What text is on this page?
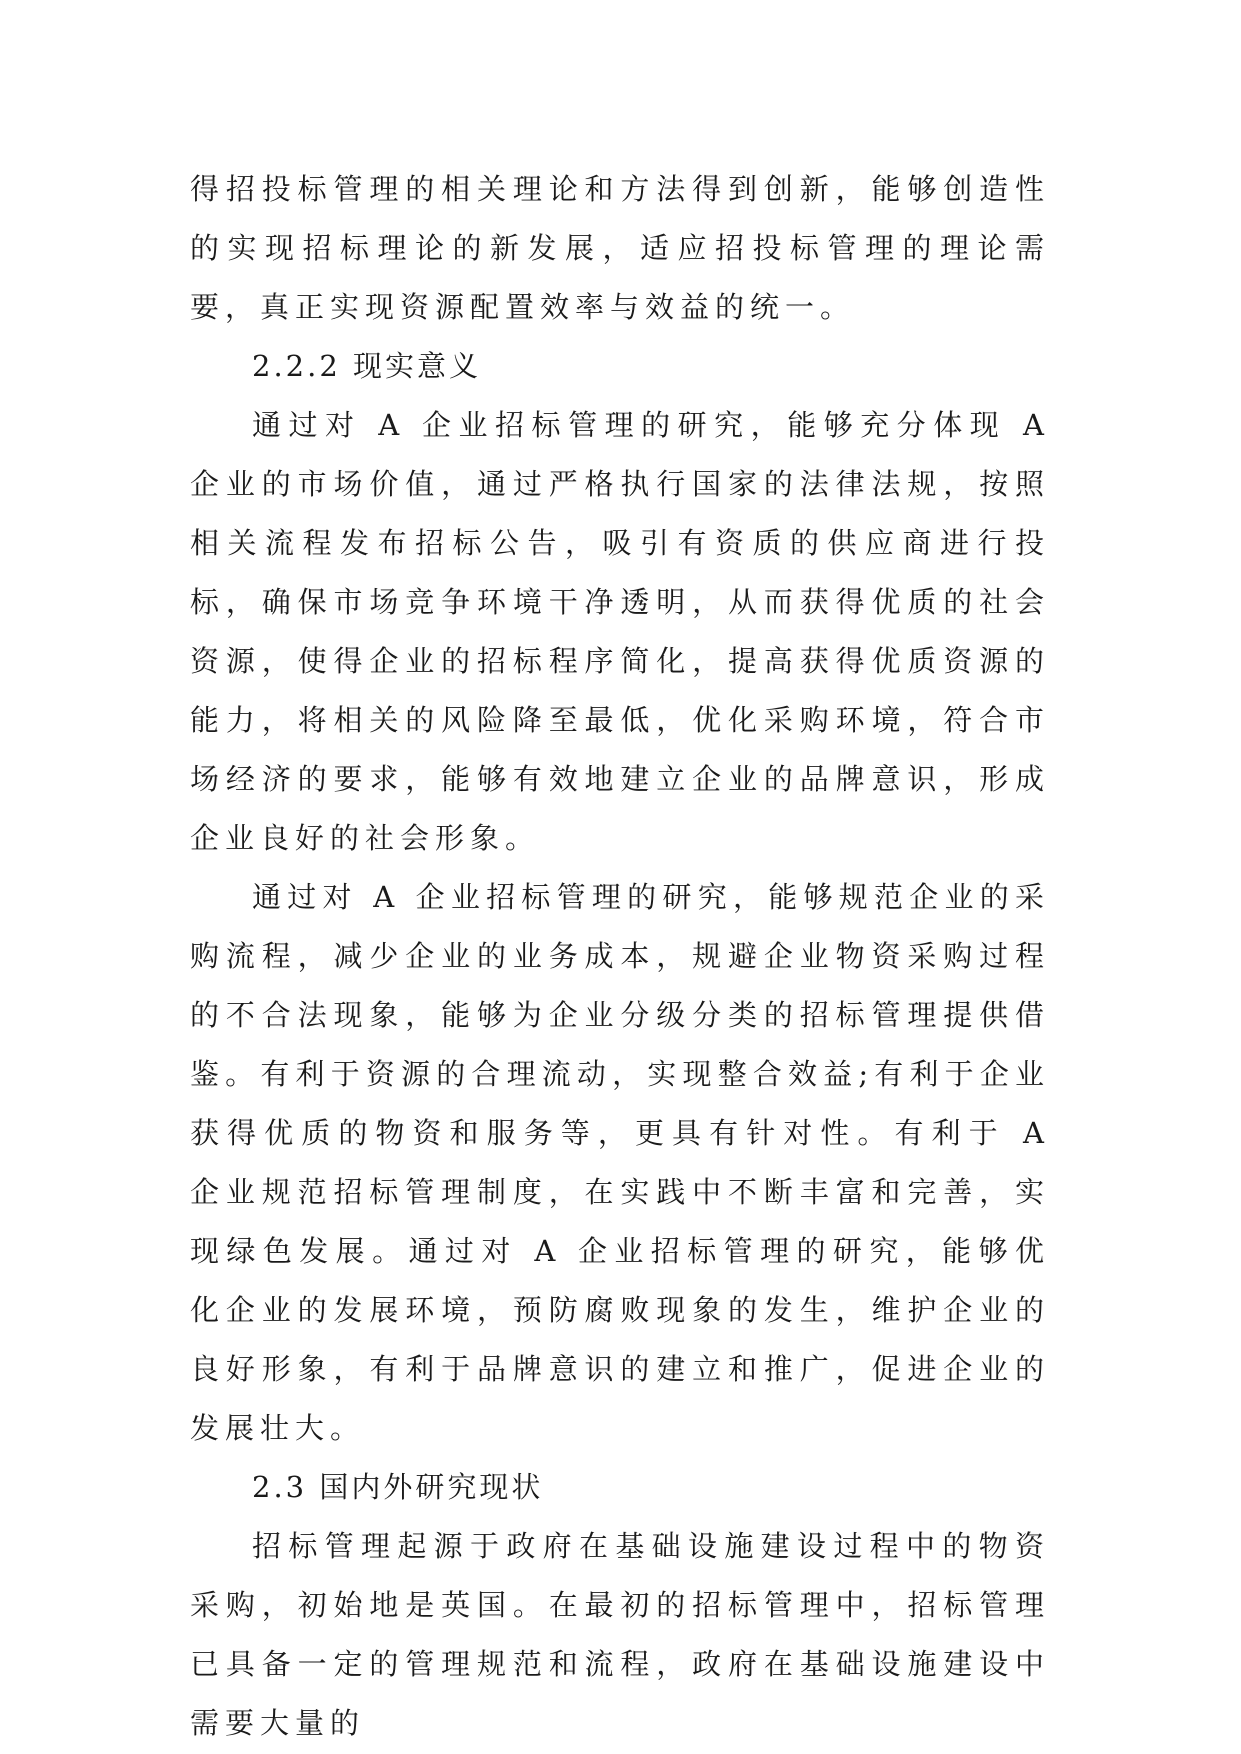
得招投标管理的相关理论和方法得到创新，能够创造性的实现招标理论的新发展，适应招投标管理的理论需要，真正实现资源配置效率与效益的统一。

2.2.2 现实意义

通过对 A 企业招标管理的研究，能够充分体现 A 企业的市场价值，通过严格执行国家的法律法规，按照相关流程发布招标公告，吸引有资质的供应商进行投标，确保市场竞争环境干净透明，从而获得优质的社会资源，使得企业的招标程序简化，提高获得优质资源的能力，将相关的风险降至最低，优化采购环境，符合市场经济的要求，能够有效地建立企业的品牌意识，形成企业良好的社会形象。

通过对 A 企业招标管理的研究，能够规范企业的采购流程，减少企业的业务成本，规避企业物资采购过程的不合法现象，能够为企业分级分类的招标管理提供借鉴。有利于资源的合理流动，实现整合效益;有利于企业获得优质的物资和服务等，更具有针对性。有利于 A 企业规范招标管理制度，在实践中不断丰富和完善，实现绿色发展。通过对 A 企业招标管理的研究，能够优化企业的发展环境，预防腐败现象的发生，维护企业的良好形象，有利于品牌意识的建立和推广，促进企业的发展壮大。

2.3 国内外研究现状

招标管理起源于政府在基础设施建设过程中的物资采购，初始地是英国。在最初的招标管理中，招标管理已具备一定的管理规范和流程，政府在基础设施建设中需要大量的
